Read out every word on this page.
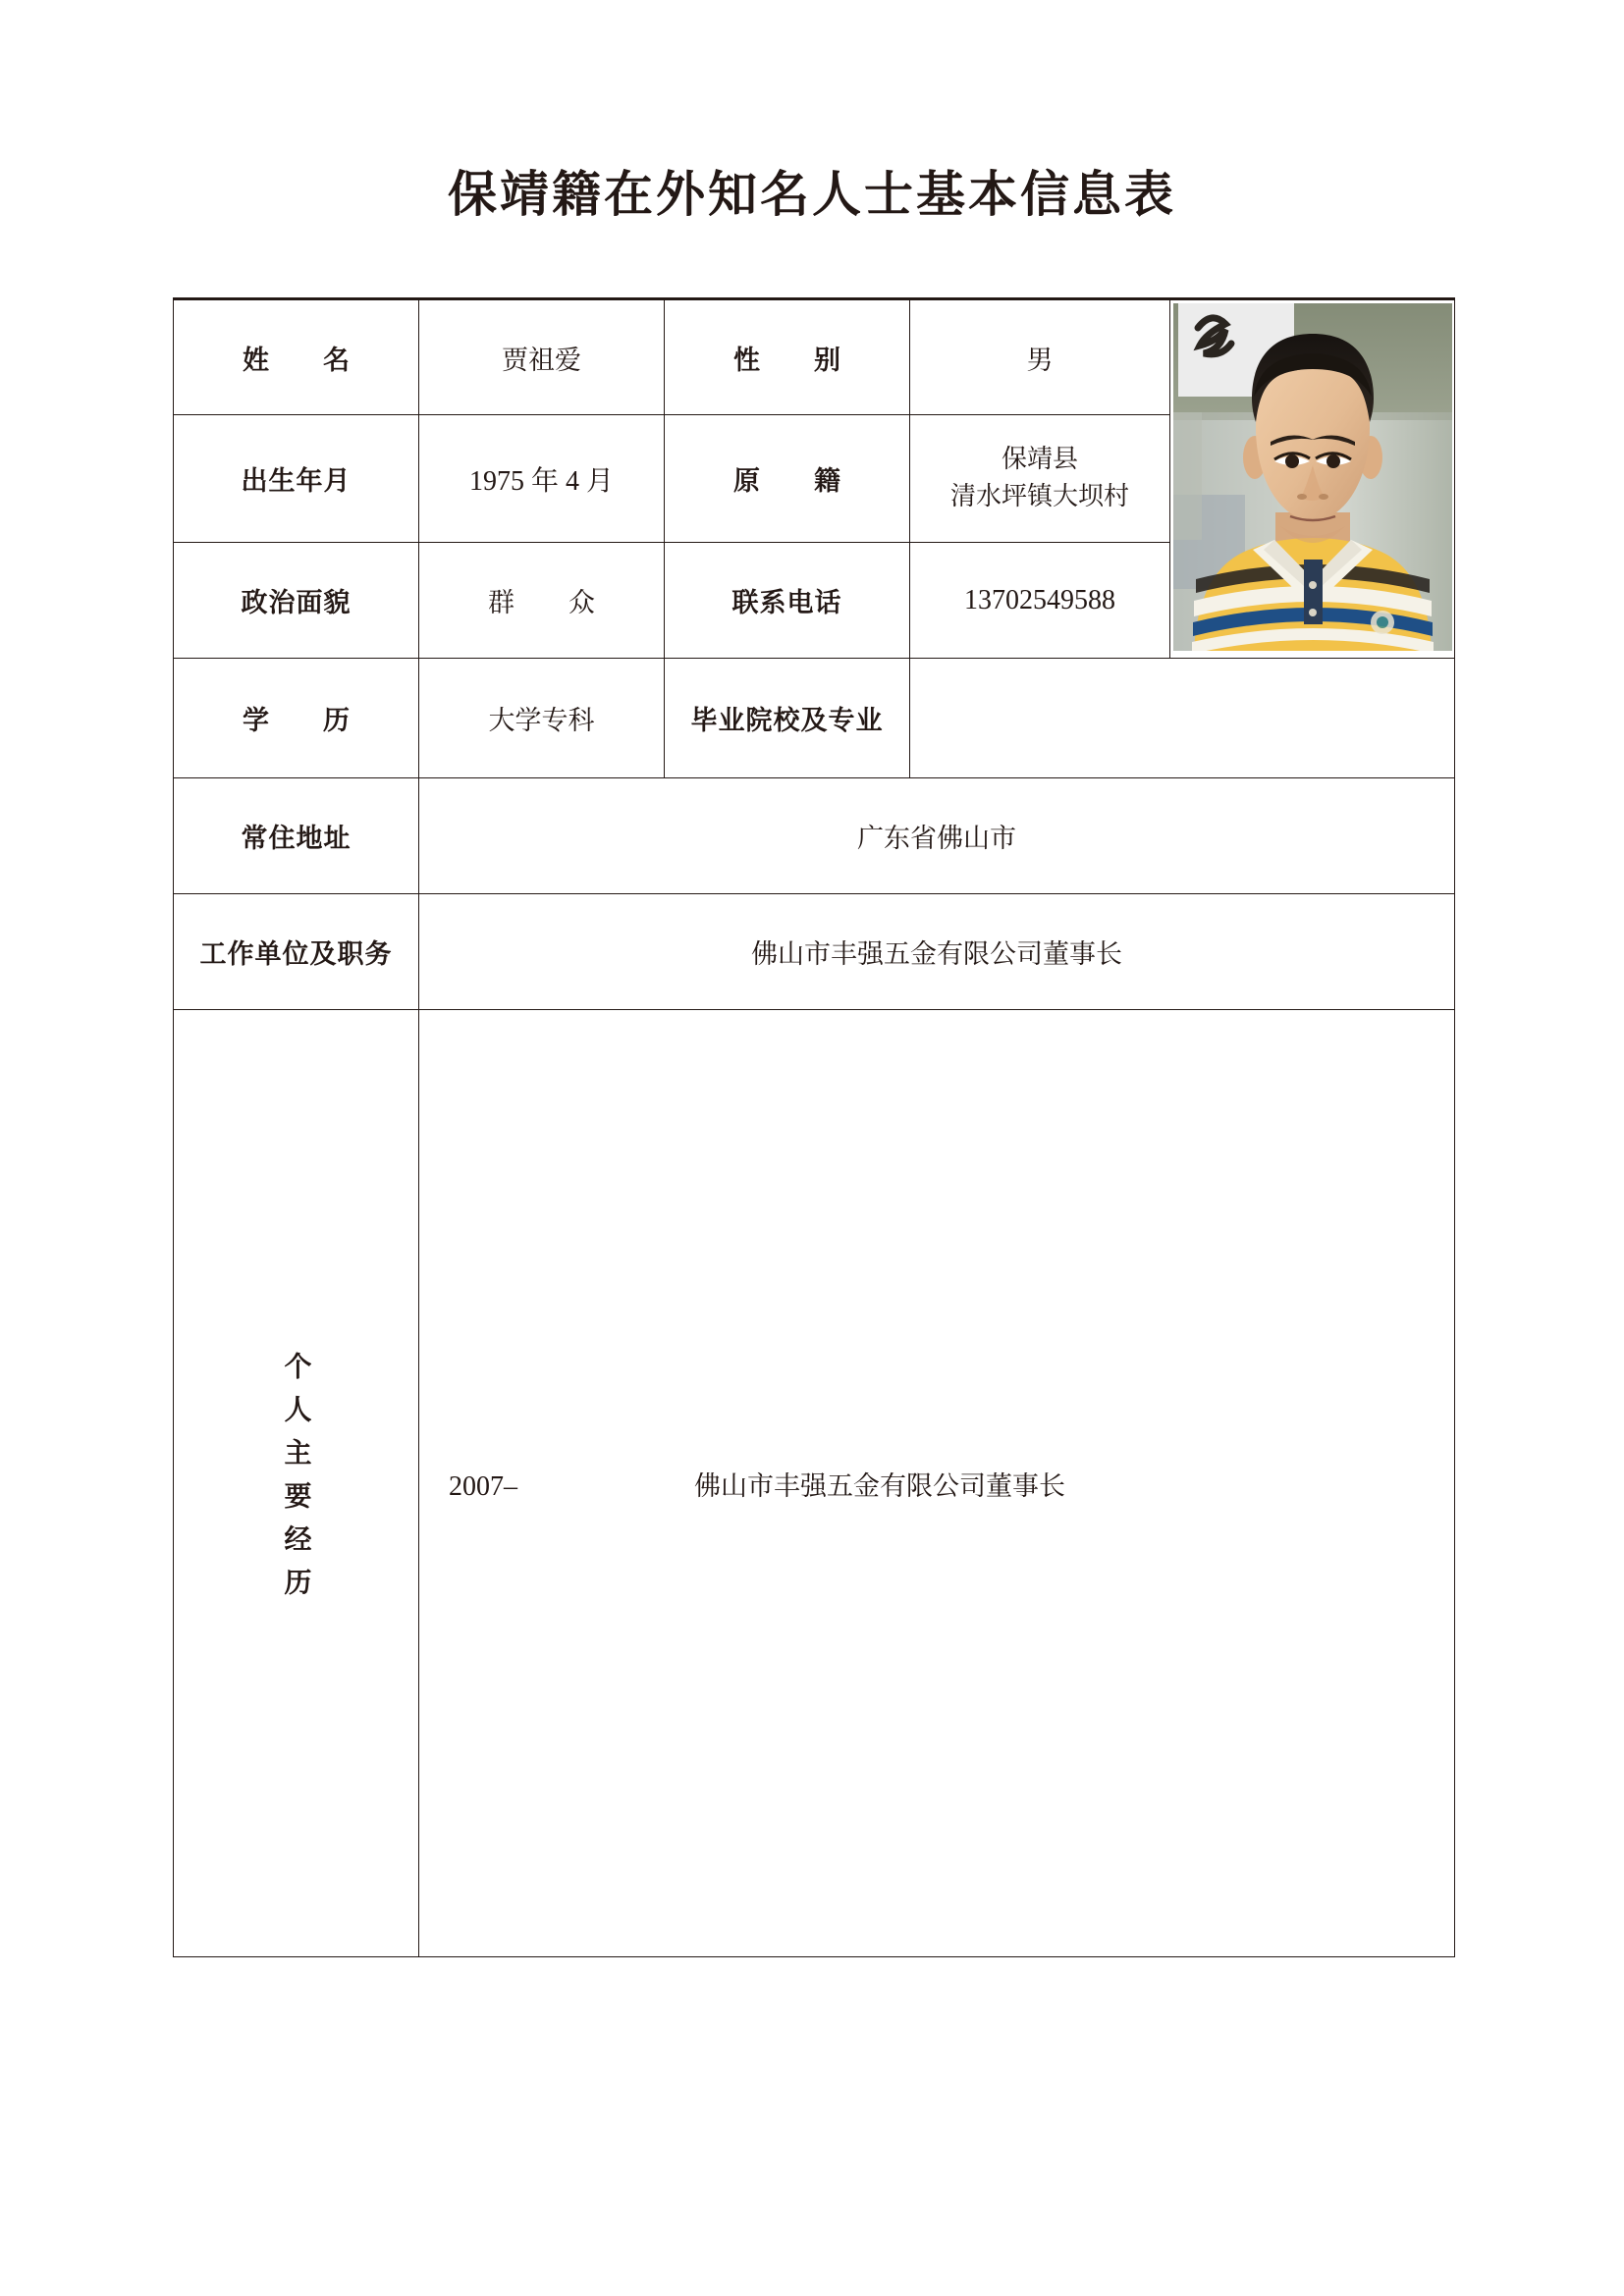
保靖籍在外知名人士基本信息表
姓　名	贾祖爱	性　别	男	

出生年月	1975 年 4 月	原　籍	保靖县
清水坪镇大坝村	

政治面貌	群　众	联系电话	13702549588	
学　历	大学专科	毕业院校及专业		
常住地址	广东省佛山市			
工作单位及职务	佛山市丰强五金有限公司董事长			
个人主要经历	2007– 佛山市丰强五金有限公司董事长			
